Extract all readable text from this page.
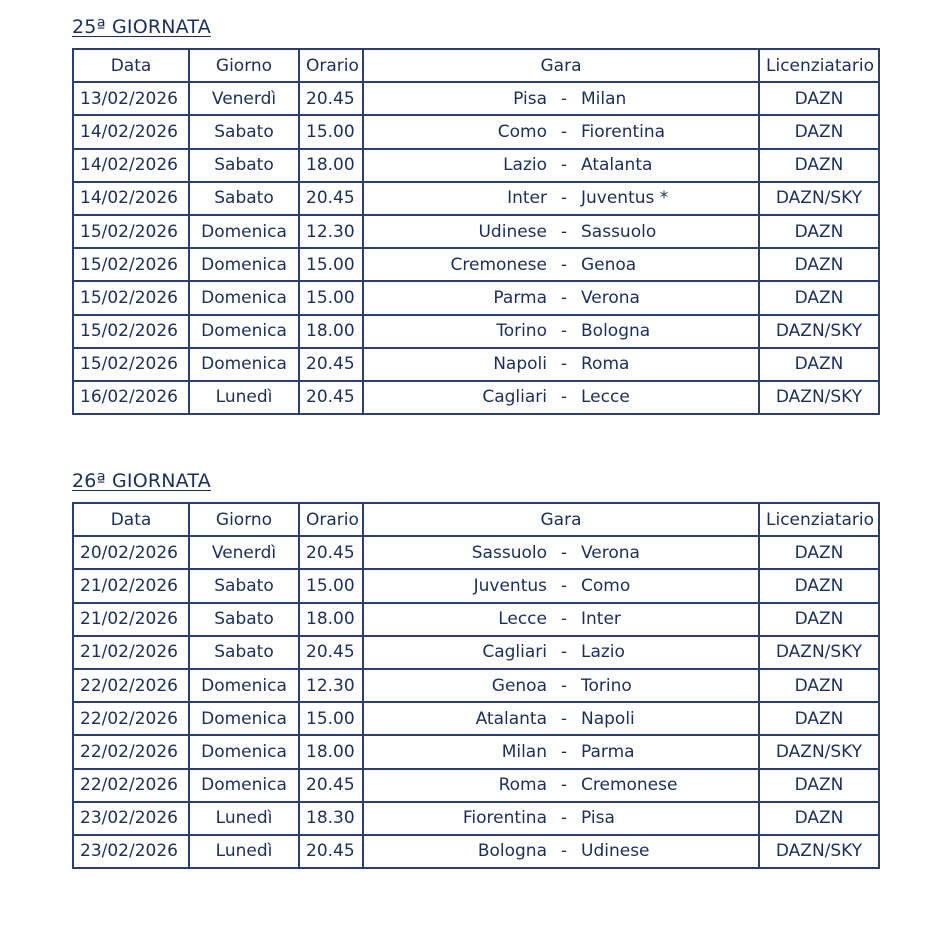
25ª GIORNATA
Data	Giorno	Orario	Gara	Licenziatario
13/02/2026	Venerdì	20.45	Pisa - Milan	DAZN
14/02/2026	Sabato	15.00	Como - Fiorentina	DAZN
14/02/2026	Sabato	18.00	Lazio - Atalanta	DAZN
14/02/2026	Sabato	20.45	Inter - Juventus *	DAZN/SKY
15/02/2026	Domenica	12.30	Udinese - Sassuolo	DAZN
15/02/2026	Domenica	15.00	Cremonese - Genoa	DAZN
15/02/2026	Domenica	15.00	Parma - Verona	DAZN
15/02/2026	Domenica	18.00	Torino - Bologna	DAZN/SKY
15/02/2026	Domenica	20.45	Napoli - Roma	DAZN
16/02/2026	Lunedì	20.45	Cagliari - Lecce	DAZN/SKY
26ª GIORNATA
Data	Giorno	Orario	Gara	Licenziatario
20/02/2026	Venerdì	20.45	Sassuolo - Verona	DAZN
21/02/2026	Sabato	15.00	Juventus - Como	DAZN
21/02/2026	Sabato	18.00	Lecce - Inter	DAZN
21/02/2026	Sabato	20.45	Cagliari - Lazio	DAZN/SKY
22/02/2026	Domenica	12.30	Genoa - Torino	DAZN
22/02/2026	Domenica	15.00	Atalanta - Napoli	DAZN
22/02/2026	Domenica	18.00	Milan - Parma	DAZN/SKY
22/02/2026	Domenica	20.45	Roma - Cremonese	DAZN
23/02/2026	Lunedì	18.30	Fiorentina - Pisa	DAZN
23/02/2026	Lunedì	20.45	Bologna - Udinese	DAZN/SKY
